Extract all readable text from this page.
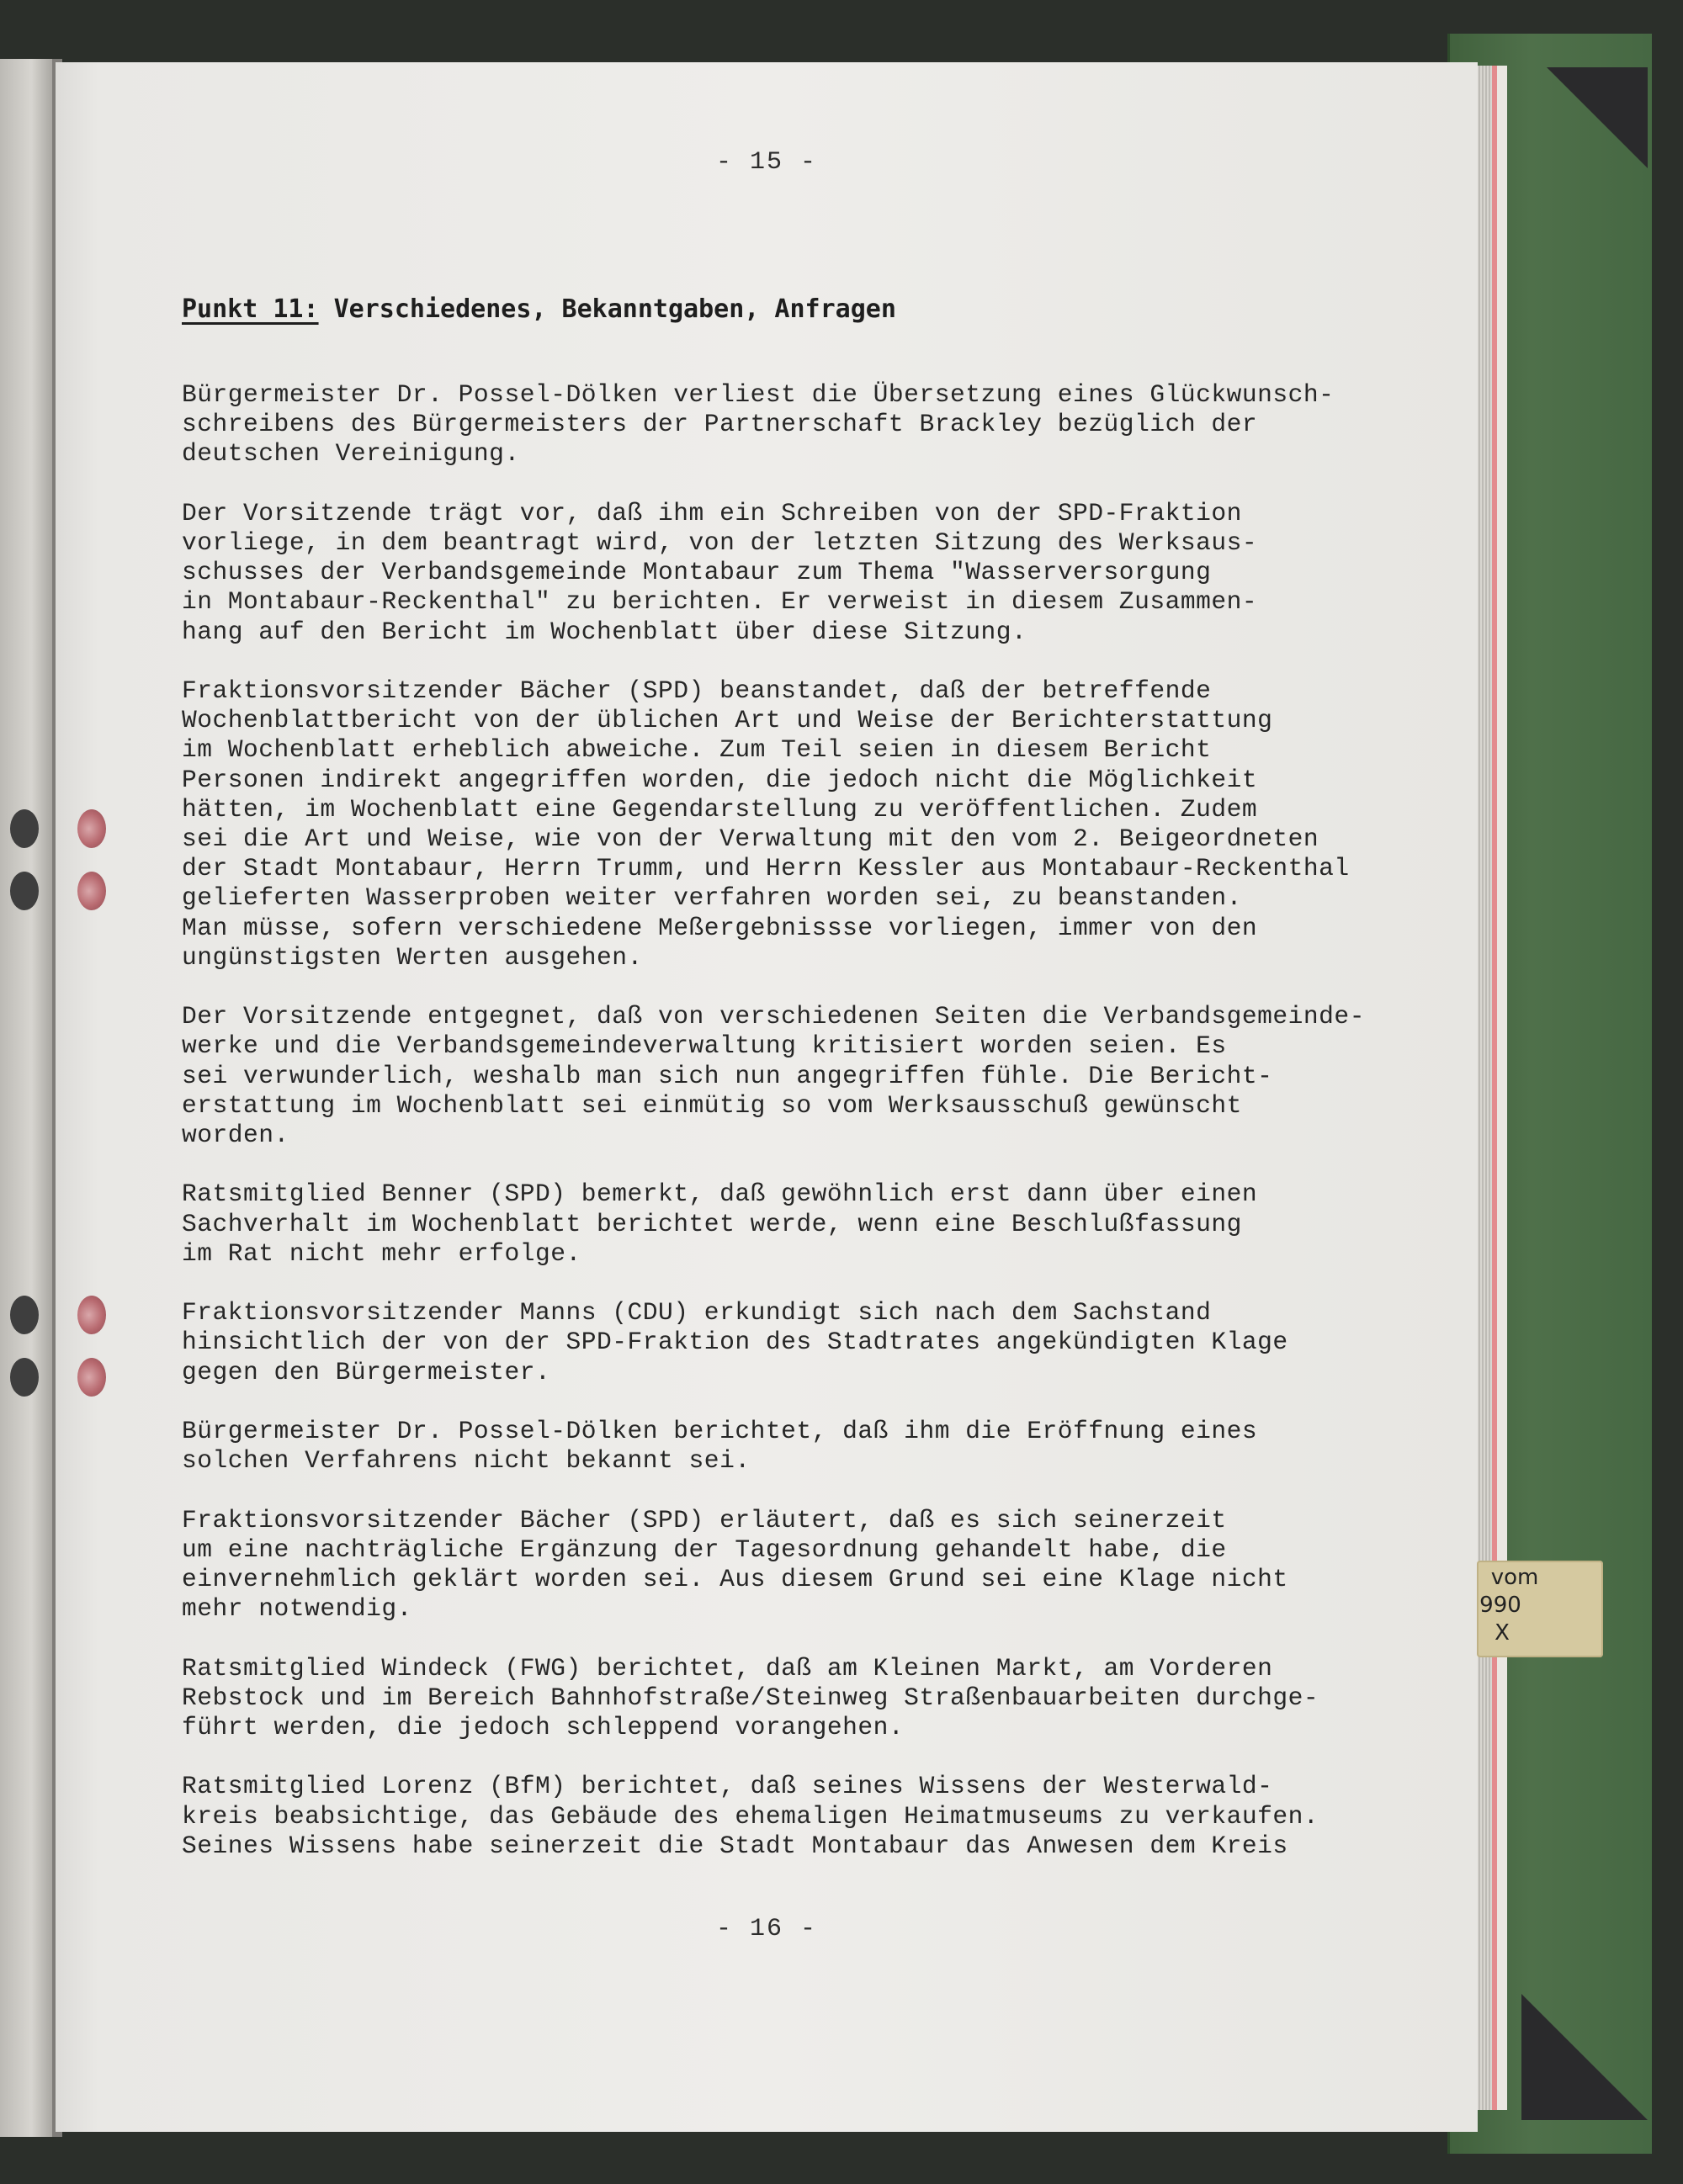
- 15 -
Punkt 11: Verschiedenes, Bekanntgaben, Anfragen
Bürgermeister Dr. Possel-Dölken verliest die Übersetzung eines Glückwunsch-
schreibens des Bürgermeisters der Partnerschaft Brackley bezüglich der
deutschen Vereinigung.
Der Vorsitzende trägt vor, daß ihm ein Schreiben von der SPD-Fraktion
vorliege, in dem beantragt wird, von der letzten Sitzung des Werksaus-
schusses der Verbandsgemeinde Montabaur zum Thema "Wasserversorgung
in Montabaur-Reckenthal" zu berichten. Er verweist in diesem Zusammen-
hang auf den Bericht im Wochenblatt über diese Sitzung.
Fraktionsvorsitzender Bächer (SPD) beanstandet, daß der betreffende
Wochenblattbericht von der üblichen Art und Weise der Berichterstattung
im Wochenblatt erheblich abweiche. Zum Teil seien in diesem Bericht
Personen indirekt angegriffen worden, die jedoch nicht die Möglichkeit
hätten, im Wochenblatt eine Gegendarstellung zu veröffentlichen. Zudem
sei die Art und Weise, wie von der Verwaltung mit den vom 2. Beigeordneten
der Stadt Montabaur, Herrn Trumm, und Herrn Kessler aus Montabaur-Reckenthal
gelieferten Wasserproben weiter verfahren worden sei, zu beanstanden.
Man müsse, sofern verschiedene Meßergebnissse vorliegen, immer von den
ungünstigsten Werten ausgehen.
Der Vorsitzende entgegnet, daß von verschiedenen Seiten die Verbandsgemeinde-
werke und die Verbandsgemeindeverwaltung kritisiert worden seien. Es
sei verwunderlich, weshalb man sich nun angegriffen fühle. Die Bericht-
erstattung im Wochenblatt sei einmütig so vom Werksausschuß gewünscht
worden.
Ratsmitglied Benner (SPD) bemerkt, daß gewöhnlich erst dann über einen
Sachverhalt im Wochenblatt berichtet werde, wenn eine Beschlußfassung
im Rat nicht mehr erfolge.
Fraktionsvorsitzender Manns (CDU) erkundigt sich nach dem Sachstand
hinsichtlich der von der SPD-Fraktion des Stadtrates angekündigten Klage
gegen den Bürgermeister.
Bürgermeister Dr. Possel-Dölken berichtet, daß ihm die Eröffnung eines
solchen Verfahrens nicht bekannt sei.
Fraktionsvorsitzender Bächer (SPD) erläutert, daß es sich seinerzeit
um eine nachträgliche Ergänzung der Tagesordnung gehandelt habe, die
einvernehmlich geklärt worden sei. Aus diesem Grund sei eine Klage nicht
mehr notwendig.
Ratsmitglied Windeck (FWG) berichtet, daß am Kleinen Markt, am Vorderen
Rebstock und im Bereich Bahnhofstraße/Steinweg Straßenbauarbeiten durchge-
führt werden, die jedoch schleppend vorangehen.
Ratsmitglied Lorenz (BfM) berichtet, daß seines Wissens der Westerwald-
kreis beabsichtige, das Gebäude des ehemaligen Heimatmuseums zu verkaufen.
Seines Wissens habe seinerzeit die Stadt Montabaur das Anwesen dem Kreis
- 16 -
vom
990
X
